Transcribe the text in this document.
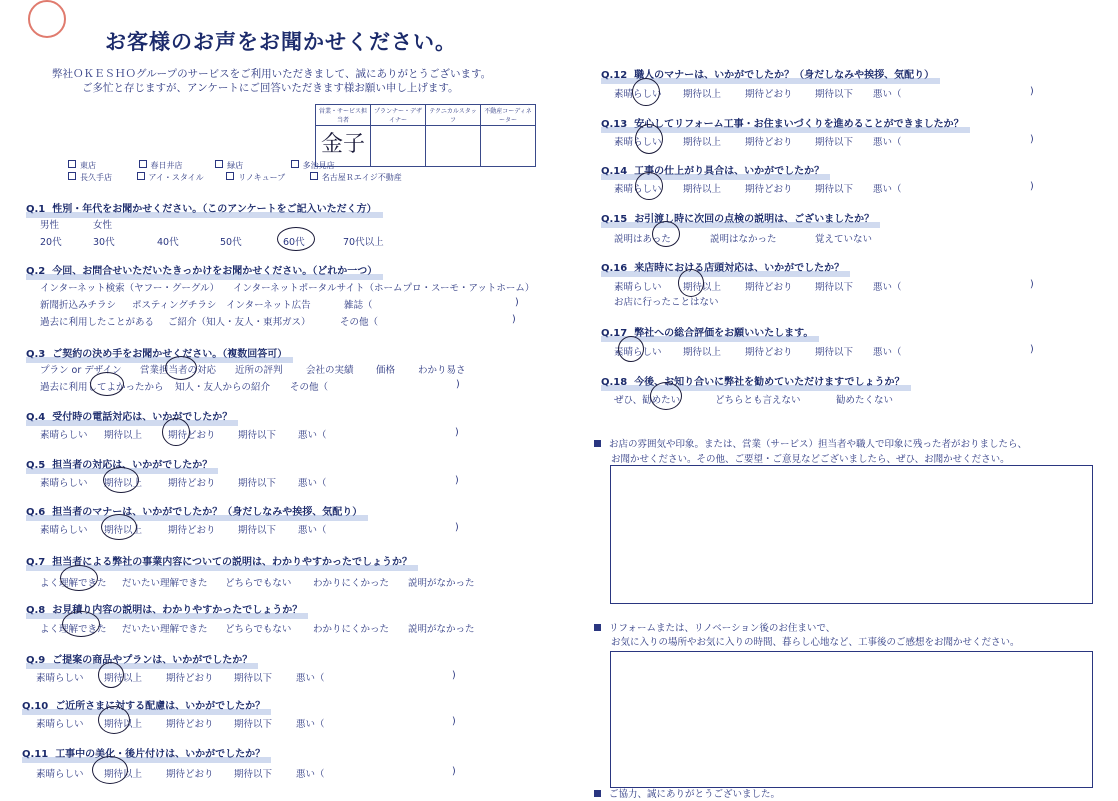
お客様のお声をお聞かせください。
弊社ＯＫＥＳＨＯグループのサービスをご利用いただきまして、誠にありがとうございます。
ご多忙と存じますが、アンケートにご回答いただきます様お願い申し上げます。
営業・サービス担当者	プランナー・デザイナー	テクニカルスタッフ	不動産コーディネーター
金子			
東店	春日井店	緑店	多治見店
長久手店	アイ・スタイル	リノキューブ	名古屋Ｒエイジ不動産
Q.1 性別・年代をお聞かせください。（このアンケートをご記入いただく方）
男性	女性
20代	30代	40代	50代	60代	70代以上
Q.2 今回、お問合せいただいたきっかけをお聞かせください。（どれか一つ）
インターネット検索（ヤフー・グーグル） インターネットポータルサイト（ホームプロ・スーモ・アットホーム）
新聞折込みチラシ ポスティングチラシ インターネット広告	雑誌（	)
過去に利用したことがある ご紹介（知人・友人・東邦ガス）	その他（	)
Q.3 ご契約の決め手をお聞かせください。（複数回答可）
プラン or デザイン 営業担当者の対応 近所の評判 会社の実績 価格 わかり易さ
過去に利用してよかったから 知人・友人からの紹介 その他（	)
Q.4 受付時の電話対応は、いかがでしたか？
素晴らしい 期待以上	期待どおり 期待以下 悪い（	)
Q.5 担当者の対応は、いかがでしたか？
素晴らしい 期待以上	期待どおり 期待以下 悪い（	)
Q.6 担当者のマナーは、いかがでしたか？（身だしなみや挨拶、気配り）
素晴らしい 期待以上	期待どおり 期待以下 悪い（	)
Q.7 担当者による弊社の事業内容についての説明は、わかりやすかったでしょうか？
よく理解できた だいたい理解できた どちらでもない わかりにくかった 説明がなかった
Q.8 お見積り内容の説明は、わかりやすかったでしょうか？
よく理解できた だいたい理解できた どちらでもない わかりにくかった 説明がなかった
Q.9 ご提案の商品やプランは、いかがでしたか？
素晴らしい 期待以上	期待どおり 期待以下	悪い（	)
Q.10 ご近所さまに対する配慮は、いかがでしたか？
素晴らしい 期待以上	期待どおり 期待以下	悪い（	)
Q.11 工事中の美化・後片付けは、いかがでしたか？
素晴らしい 期待以上	期待どおり 期待以下	悪い（	)
Q.12 職人のマナーは、いかがでしたか？（身だしなみや挨拶、気配り）
素晴らしい 期待以上	期待どおり 期待以下 悪い（	)
Q.13 安心してリフォーム工事・お住まいづくりを進めることができましたか？
素晴らしい 期待以上	期待どおり 期待以下 悪い（	)
Q.14 工事の仕上がり具合は、いかがでしたか？
素晴らしい 期待以上	期待どおり 期待以下 悪い（	)
Q.15 お引渡し時に次回の点検の説明は、ございましたか？
説明はあった	説明はなかった	覚えていない
Q.16 来店時における店頭対応は、いかがでしたか？
素晴らしい 期待以上	期待どおり 期待以下 悪い（	)
お店に行ったことはない
Q.17 弊社への総合評価をお願いいたします。
素晴らしい 期待以上	期待どおり 期待以下 悪い（	)
Q.18 今後、お知り合いに弊社を勧めていただけますでしょうか？
ぜひ、勧めたい	どちらとも言えない	勧めたくない
お店の雰囲気や印象。または、営業（サービス）担当者や職人で印象に残った者がおりましたら、
お聞かせください。その他、ご要望・ご意見などございましたら、ぜひ、お聞かせください。
リフォームまたは、リノベーション後のお住まいで、
お気に入りの場所やお気に入りの時間、暮らし心地など、工事後のご感想をお聞かせください。
ご協力、誠にありがとうございました。
